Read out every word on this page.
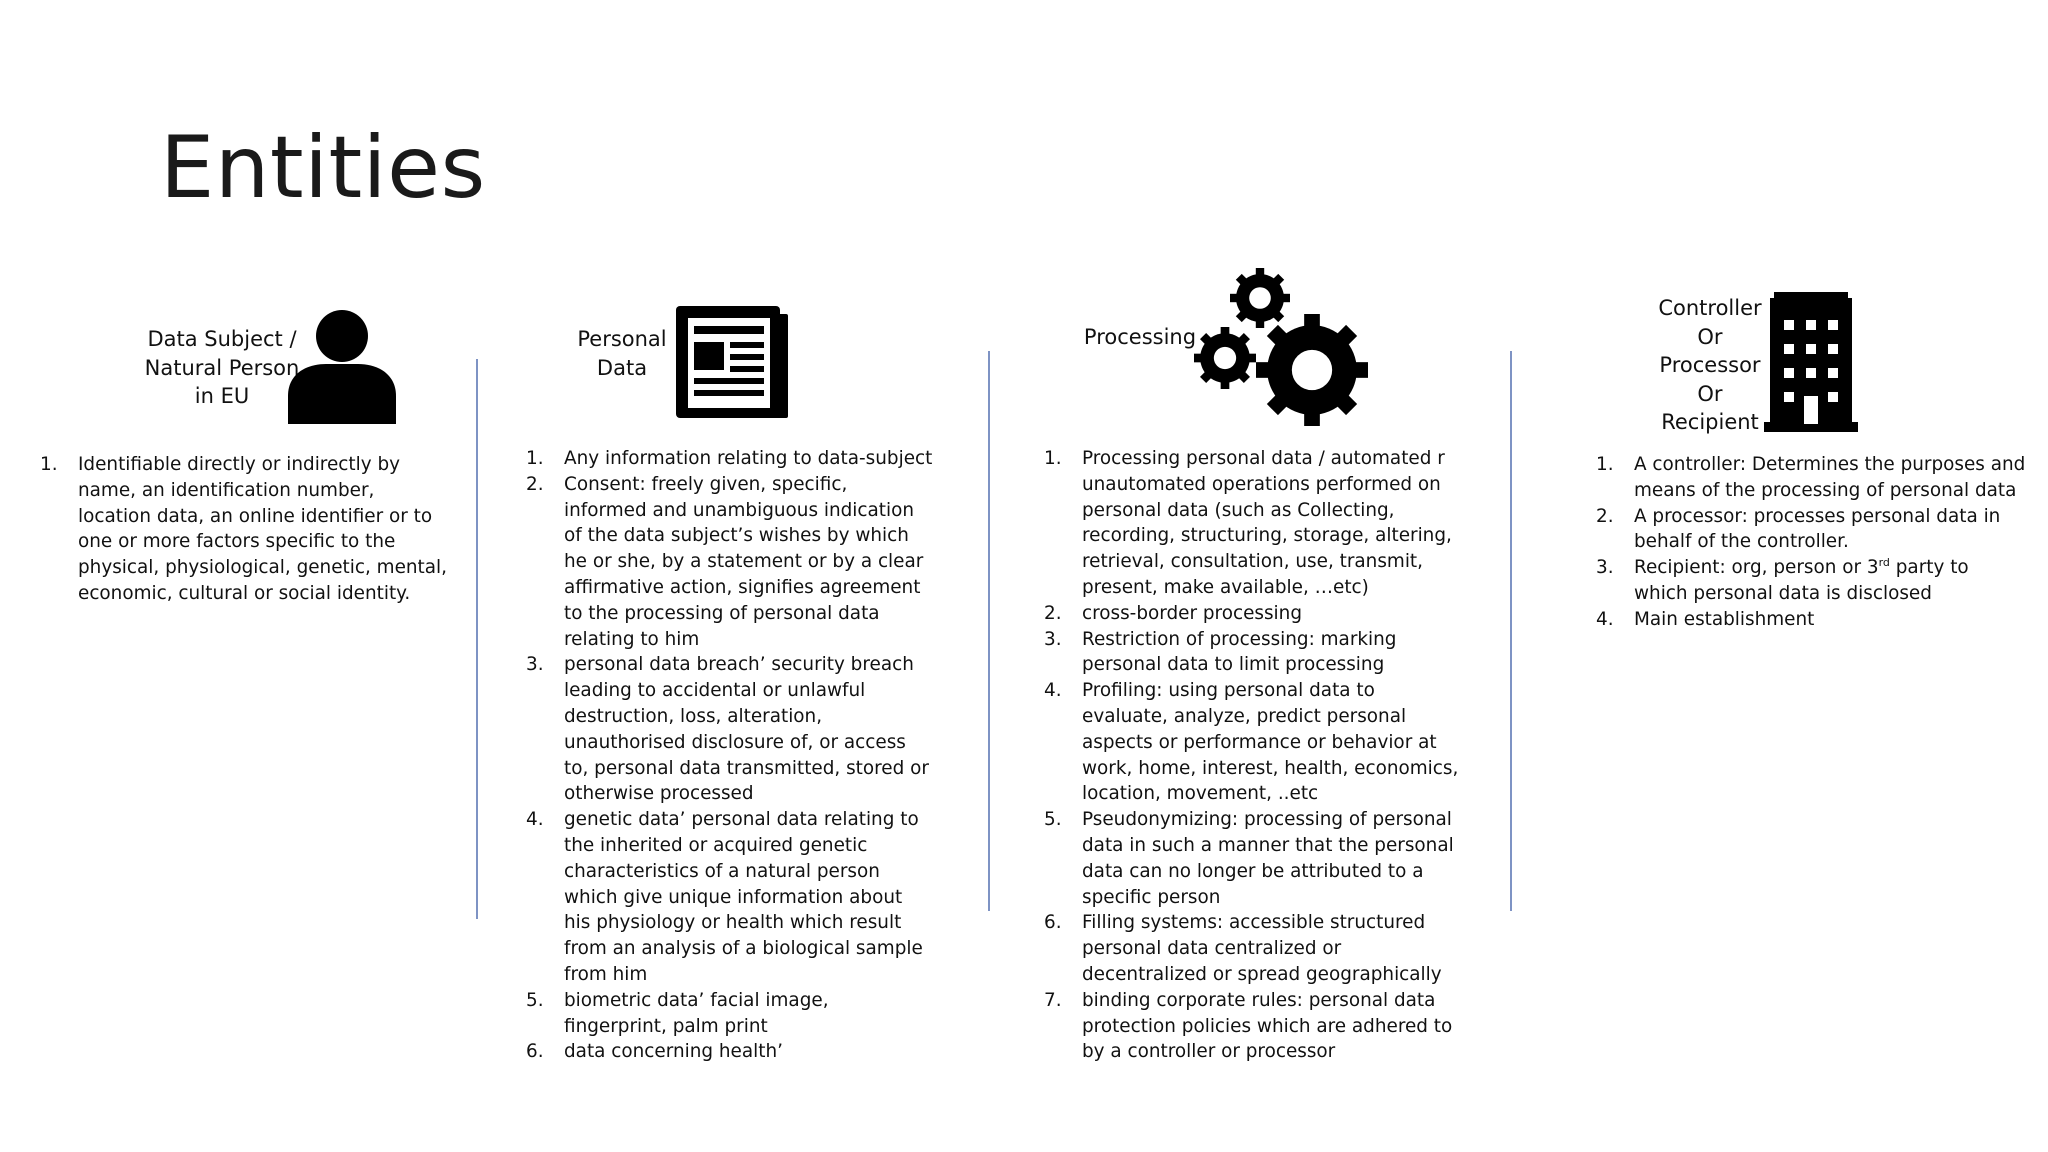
Entities
Data Subject /
Natural Person
in EU
1. Identifiable directly or indirectly by name, an identification number, location data, an online identifier or to one or more factors specific to the physical, physiological, genetic, mental, economic, cultural or social identity.
Personal
Data
1. Any information relating to data-subject
2. Consent: freely given, specific, informed and unambiguous indication of the data subject’s wishes by which he or she, by a statement or by a clear affirmative action, signifies agreement to the processing of personal data relating to him
3. personal data breach’ security breach leading to accidental or unlawful destruction, loss, alteration, unauthorised disclosure of, or access to, personal data transmitted, stored or otherwise processed
4. genetic data’ personal data relating to the inherited or acquired genetic characteristics of a natural person which give unique information about his physiology or health which result from an analysis of a biological sample from him
5. biometric data’ facial image, fingerprint, palm print
6. data concerning health’
Processing
1. Processing personal data / automated r unautomated operations performed on personal data (such as Collecting, recording, structuring, storage, altering, retrieval, consultation, use, transmit, present, make available, …etc)
2. cross-border processing
3. Restriction of processing: marking personal data to limit processing
4. Profiling: using personal data to evaluate, analyze, predict personal aspects or performance or behavior at work, home, interest, health, economics, location, movement, ..etc
5. Pseudonymizing: processing of personal data in such a manner that the personal data can no longer be attributed to a specific person
6. Filling systems: accessible structured personal data centralized or decentralized or spread geographically
7. binding corporate rules: personal data protection policies which are adhered to by a controller or processor
Controller
Or
Processor
Or
Recipient
1. A controller: Determines the purposes and means of the processing of personal data
2. A processor: processes personal data in behalf of the controller.
3. Recipient: org, person or 3rd party to which personal data is disclosed
4. Main establishment
